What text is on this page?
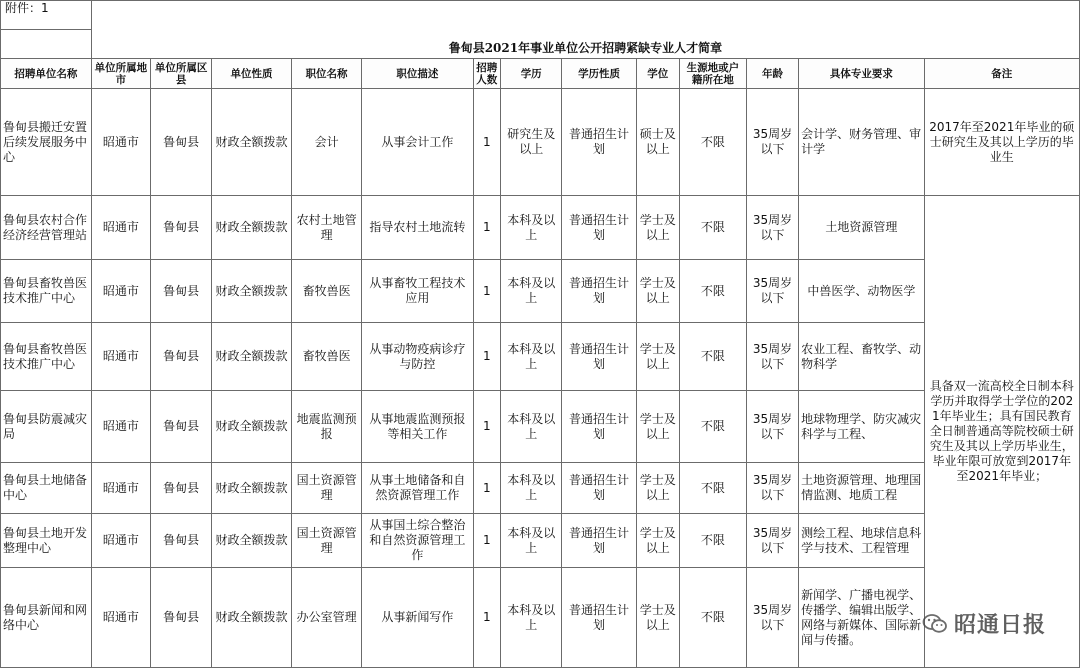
附件：1	鲁甸县2021年事业单位公开招聘紧缺专业人才简章												

招聘单位名称	单位所属地市	单位所属区县	单位性质	职位名称	职位描述	招聘人数	学历	学历性质	学位	生源地或户籍所在地	年龄	具体专业要求	备注
鲁甸县搬迁安置后续发展服务中心	昭通市	鲁甸县	财政全额拨款	会计	从事会计工作	1	研究生及以上	普通招生计划	硕士及以上	不限	35周岁以下	会计学、财务管理、审计学	2017年至2021年毕业的硕士研究生及其以上学历的毕业生
鲁甸县农村合作经济经营管理站	昭通市	鲁甸县	财政全额拨款	农村土地管理	指导农村土地流转	1	本科及以上	普通招生计划	学士及以上	不限	35周岁以下	土地资源管理	具备双一流高校全日制本科学历并取得学士学位的2021年毕业生；具有国民教育全日制普通高等院校硕士研究生及其以上学历毕业生，毕业年限可放宽到2017年至2021年毕业；
鲁甸县畜牧兽医技术推广中心	昭通市	鲁甸县	财政全额拨款	畜牧兽医	从事畜牧工程技术应用	1	本科及以上	普通招生计划	学士及以上	不限	35周岁以下	中兽医学、动物医学	
鲁甸县畜牧兽医技术推广中心	昭通市	鲁甸县	财政全额拨款	畜牧兽医	从事动物疫病诊疗与防控	1	本科及以上	普通招生计划	学士及以上	不限	35周岁以下	农业工程、畜牧学、动物科学	
鲁甸县防震减灾局	昭通市	鲁甸县	财政全额拨款	地震监测预报	从事地震监测预报等相关工作	1	本科及以上	普通招生计划	学士及以上	不限	35周岁以下	地球物理学、防灾减灾科学与工程、	
鲁甸县土地储备中心	昭通市	鲁甸县	财政全额拨款	国土资源管理	从事土地储备和自然资源管理工作	1	本科及以上	普通招生计划	学士及以上	不限	35周岁以下	土地资源管理、地理国情监测、地质工程	
鲁甸县土地开发整理中心	昭通市	鲁甸县	财政全额拨款	国土资源管理	从事国土综合整治和自然资源管理工作	1	本科及以上	普通招生计划	学士及以上	不限	35周岁以下	测绘工程、地球信息科学与技术、工程管理	
鲁甸县新闻和网络中心	昭通市	鲁甸县	财政全额拨款	办公室管理	从事新闻写作	1	本科及以上	普通招生计划	学士及以上	不限	35周岁以下	新闻学、广播电视学、传播学、编辑出版学、网络与新媒体、国际新闻与传播。	
昭通日报
